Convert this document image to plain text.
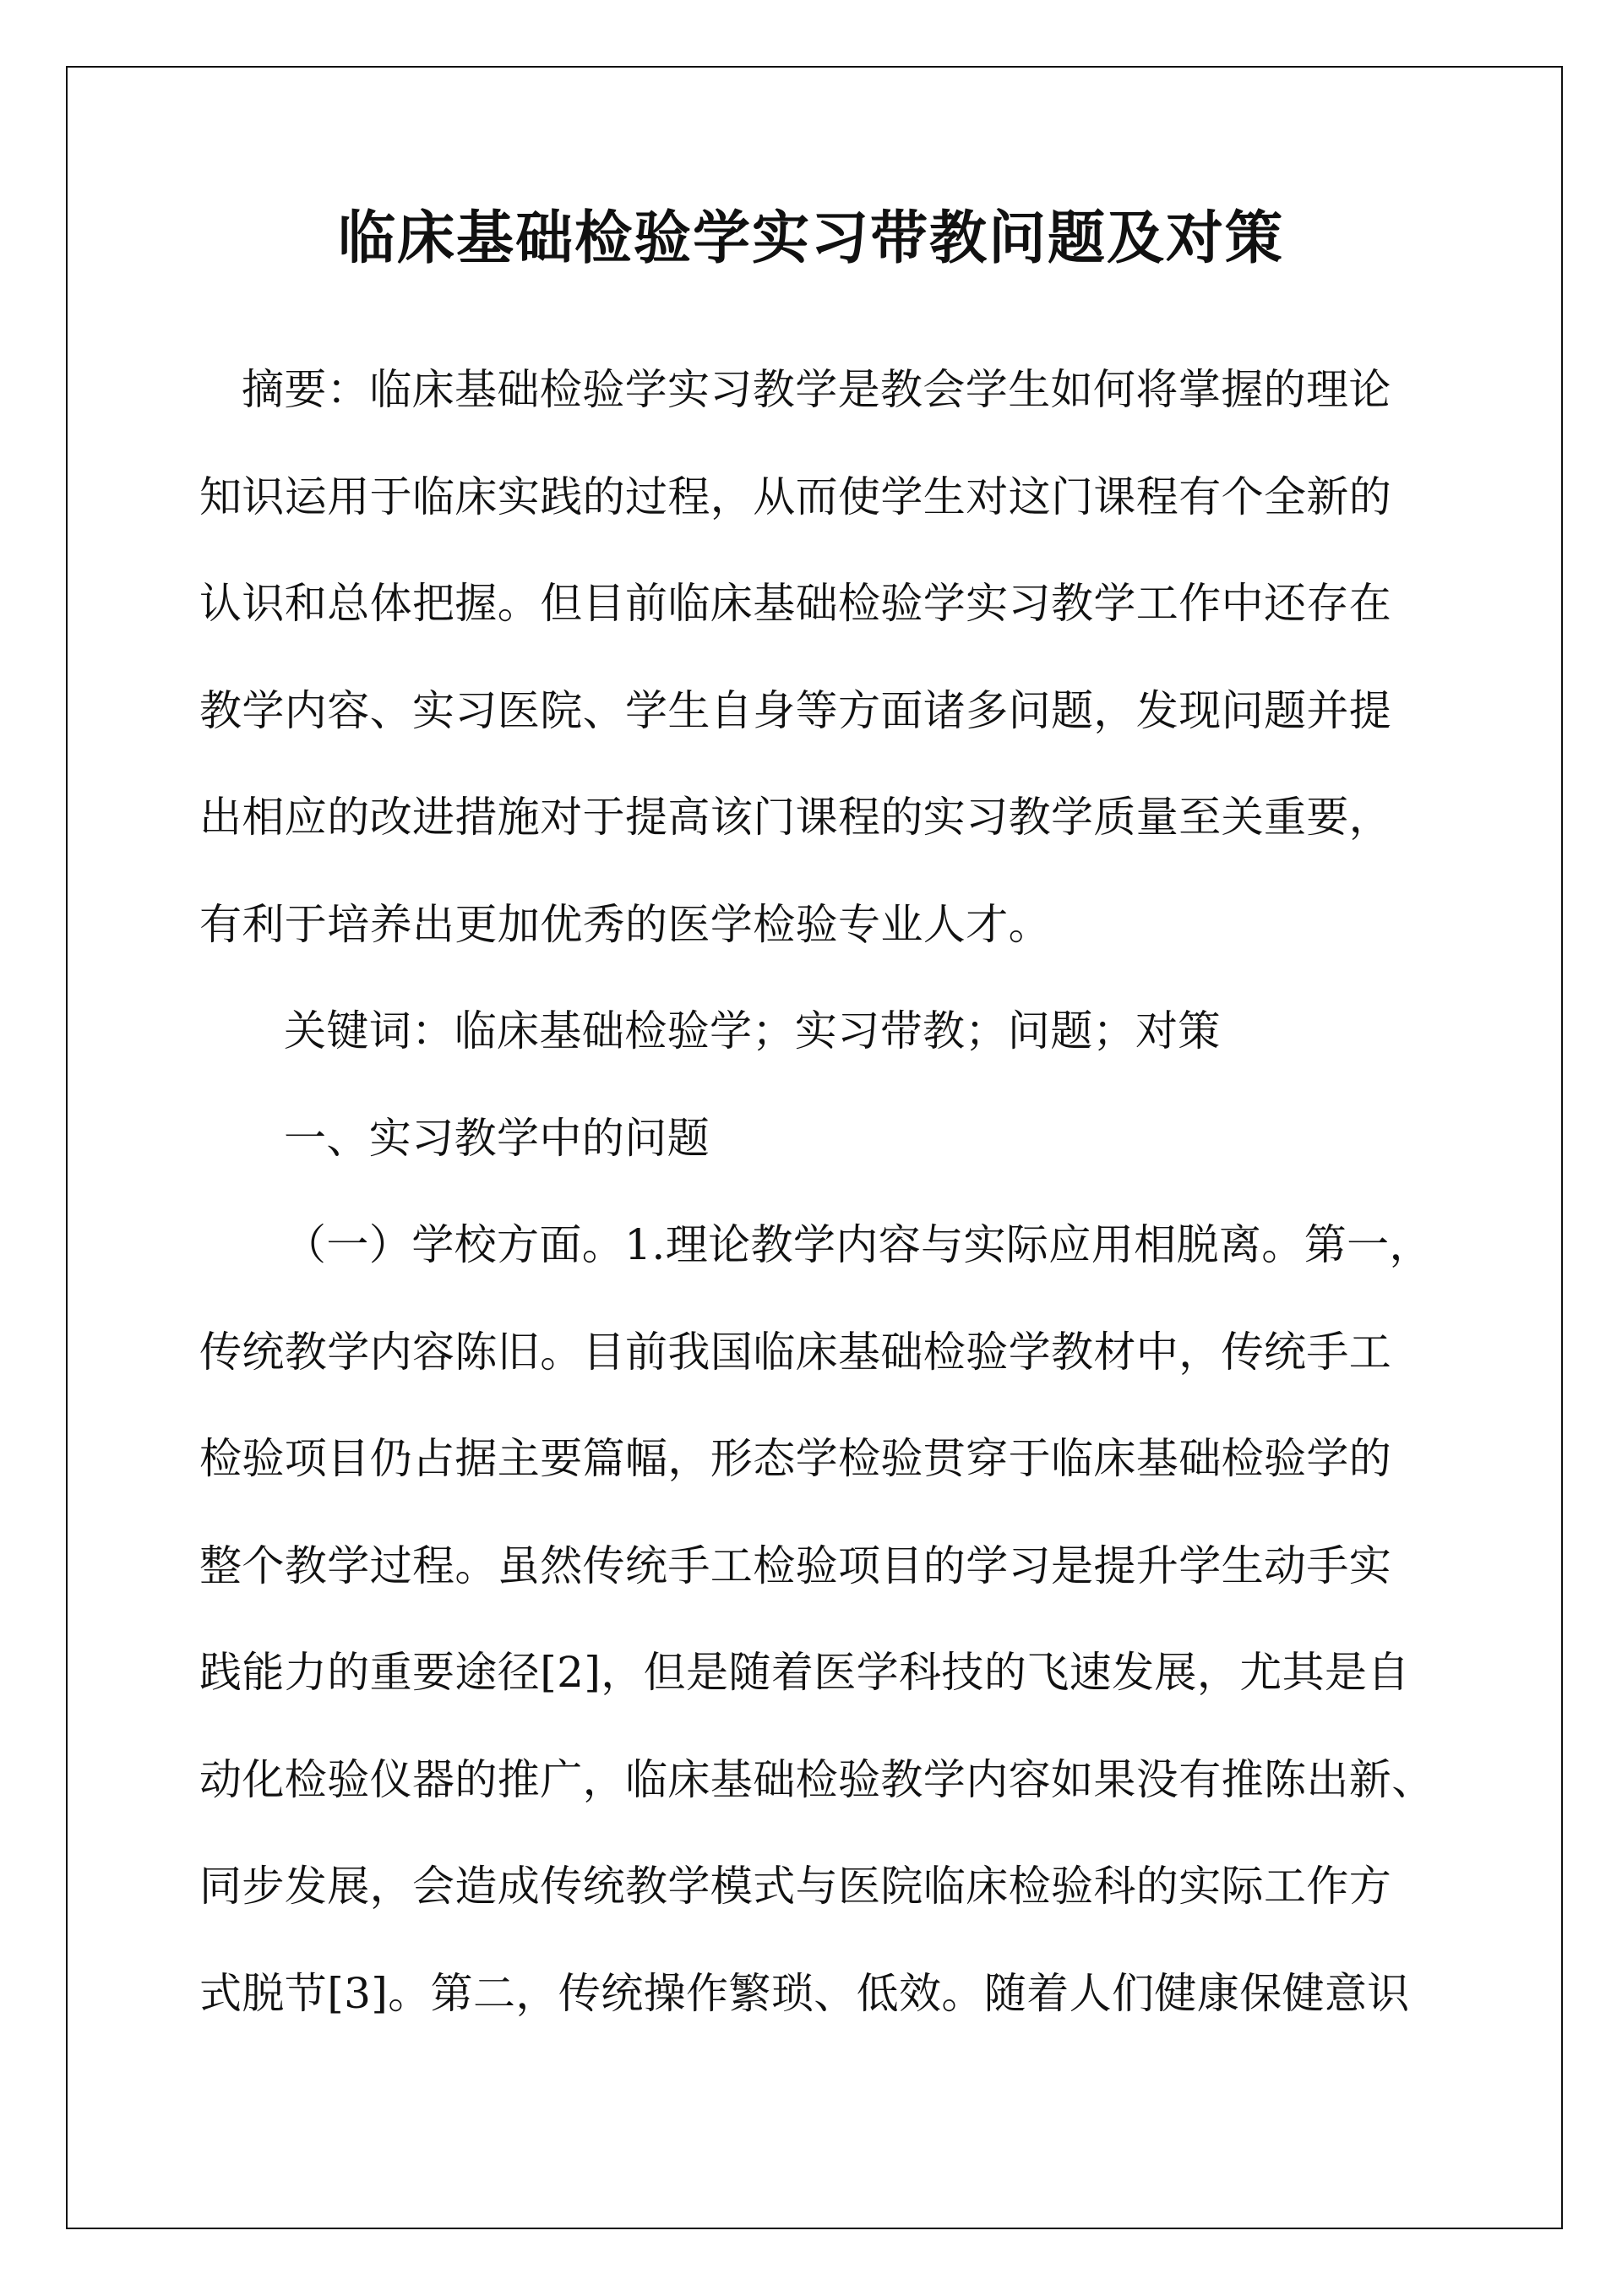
临床基础检验学实习带教问题及对策
摘要：临床基础检验学实习教学是教会学生如何将掌握的理论
知识运用于临床实践的过程，从而使学生对这门课程有个全新的
认识和总体把握。但目前临床基础检验学实习教学工作中还存在
教学内容、实习医院、学生自身等方面诸多问题，发现问题并提
出相应的改进措施对于提高该门课程的实习教学质量至关重要，
有利于培养出更加优秀的医学检验专业人才。
关键词：临床基础检验学；实习带教；问题；对策
一、实习教学中的问题
（一）学校方面。1.理论教学内容与实际应用相脱离。第一，
传统教学内容陈旧。目前我国临床基础检验学教材中，传统手工
检验项目仍占据主要篇幅，形态学检验贯穿于临床基础检验学的
整个教学过程。虽然传统手工检验项目的学习是提升学生动手实
践能力的重要途径[2]，但是随着医学科技的飞速发展，尤其是自
动化检验仪器的推广，临床基础检验教学内容如果没有推陈出新、
同步发展，会造成传统教学模式与医院临床检验科的实际工作方
式脱节[3]。第二，传统操作繁琐、低效。随着人们健康保健意识
